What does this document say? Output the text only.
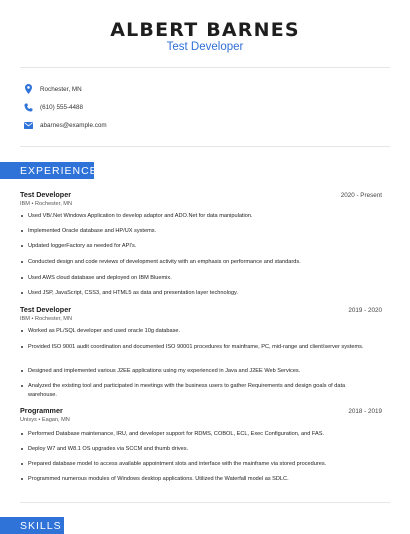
ALBERT BARNES
Test Developer
Rochester, MN
(610) 555-4488
abarnes@example.com
EXPERIENCE
Test Developer	2020 - Present
IBM • Rochester, MN
Used VB/.Net Windows Application to develop adaptor and ADO.Net for data manipulation.
Implemented Oracle database and HP/UX systems.
Updated loggerFactory as needed for API's.
Conducted design and code reviews of development activity with an emphasis on performance and standards.
Used AWS cloud database and deployed on IBM Bluemix.
Used JSP, JavaScript, CSS3, and HTML5 as data and presentation layer technology.
Test Developer	2019 - 2020
IBM • Rochester, MN
Worked as PL/SQL developer and used oracle 10g database.
Provided ISO 9001 audit coordination and documented ISO 90001 procedures for mainframe, PC, mid-range and client/server systems.
Designed and implemented various J2EE applications using my experienced in Java and J2EE Web Services.
Analyzed the existing tool and participated in meetings with the business users to gather Requirements and design goals of data warehouse.
Programmer	2018 - 2019
Unisys • Eagan, MN
Performed Database maintenance, IRU, and developer support for RDMS, COBOL, ECL, Exec Configuration, and FAS.
Deploy W7 and W8.1 OS upgrades via SCCM and thumb drives.
Prepared database model to access available appointment slots and interface with the mainframe via stored procedures.
Programmed numerous modules of Windows desktop applications. Utilized the Waterfall model as SDLC.
SKILLS
